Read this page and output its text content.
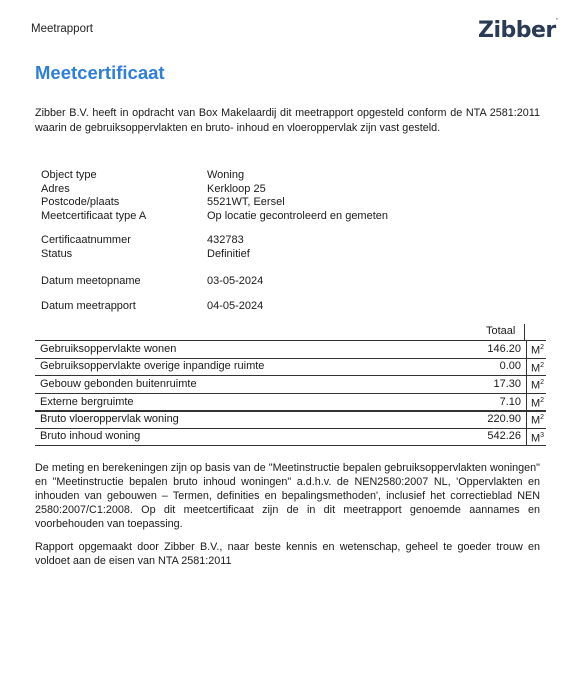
Meetrapport	Zibber·
Meetcertificaat
Zibber B.V. heeft in opdracht van Box Makelaardij dit meetrapport opgesteld conform de NTA 2581:2011 waarin de gebruiksoppervlakten en bruto- inhoud en vloeroppervlak zijn vast gesteld.
Object type	Woning
Adres	Kerkloop 25
Postcode/plaats	5521WT, Eersel
Meetcertificaat type A	Op locatie gecontroleerd en gemeten
Certificaatnummer	432783
Status	Definitief
Datum meetopname	03-05-2024
Datum meetrapport	04-05-2024
Totaal
Gebruiksoppervlakte wonen	146.20	$M^2$
Gebruiksoppervlakte overige inpandige ruimte	0.00	$M^2$
Gebouw gebonden buitenruimte	17.30	$M^2$
Externe bergruimte	7.10	$M^2$
Bruto vloeroppervlak woning	220.90	$M^2$
Bruto inhoud woning	542.26	$M^3$
De meting en berekeningen zijn op basis van de "Meetinstructie bepalen gebruiksoppervlakten woningen" en "Meetinstructie bepalen bruto inhoud woningen" a.d.h.v. de NEN2580:2007 NL, 'Oppervlakten en inhouden van gebouwen – Termen, definities en bepalingsmethoden', inclusief het correctieblad NEN 2580:2007/C1:2008. Op dit meetcertificaat zijn de in dit meetrapport genoemde aannames en voorbehouden van toepassing.
Rapport opgemaakt door Zibber B.V., naar beste kennis en wetenschap, geheel te goeder trouw en voldoet aan de eisen van NTA 2581:2011
